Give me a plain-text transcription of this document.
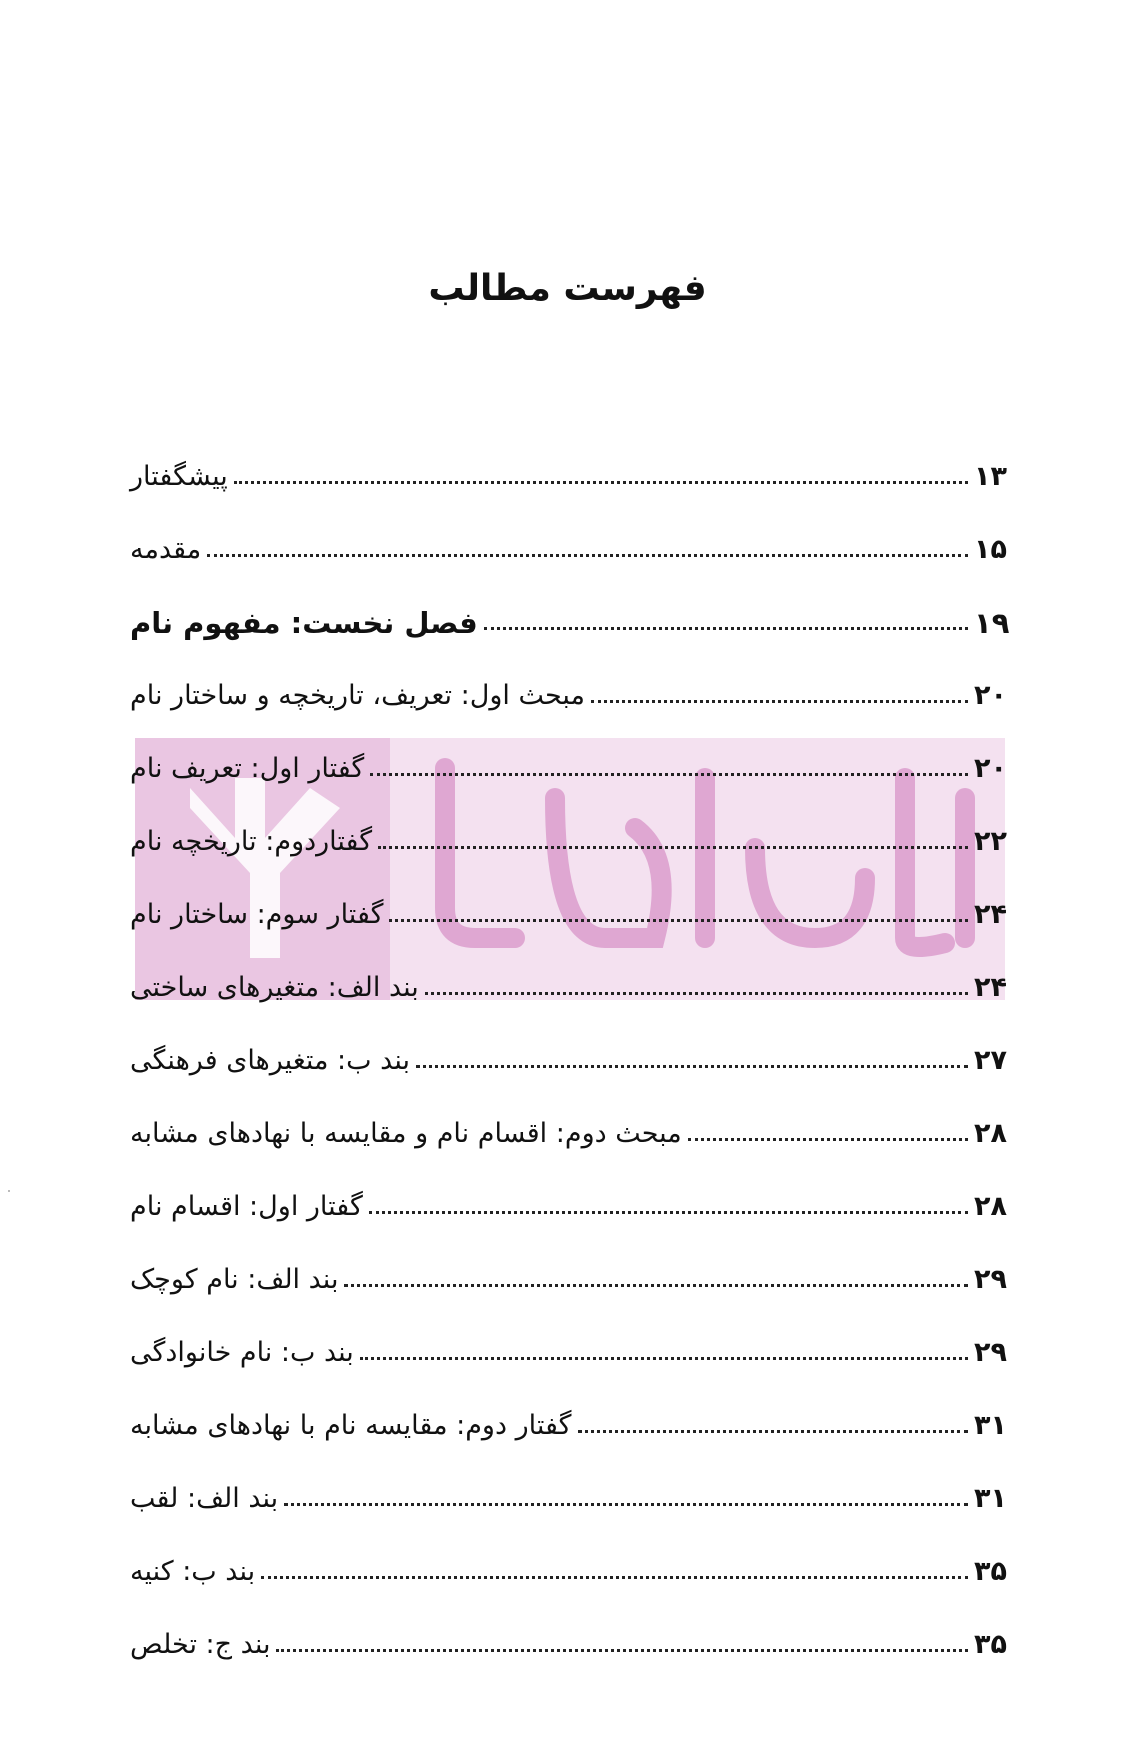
فهرست مطالب
پیشگفتار	۱۳
مقدمه	۱۵
فصل نخست: مفهوم نام	۱۹
مبحث اول: تعریف، تاریخچه و ساختار نام	۲۰
گفتار اول: تعریف نام	۲۰
گفتاردوم: تاریخچه نام	۲۲
گفتار سوم: ساختار نام	۲۴
بند الف: متغیرهای ساختی	۲۴
بند ب: متغیرهای فرهنگی	۲۷
مبحث دوم: اقسام نام و مقایسه با نهادهای مشابه	۲۸
گفتار اول: اقسام نام	۲۸
بند الف: نام کوچک	۲۹
بند ب: نام خانوادگی	۲۹
گفتار دوم: مقایسه نام با نهادهای مشابه	۳۱
بند الف: لقب	۳۱
بند ب: کنیه	۳۵
بند ج: تخلص	۳۵
